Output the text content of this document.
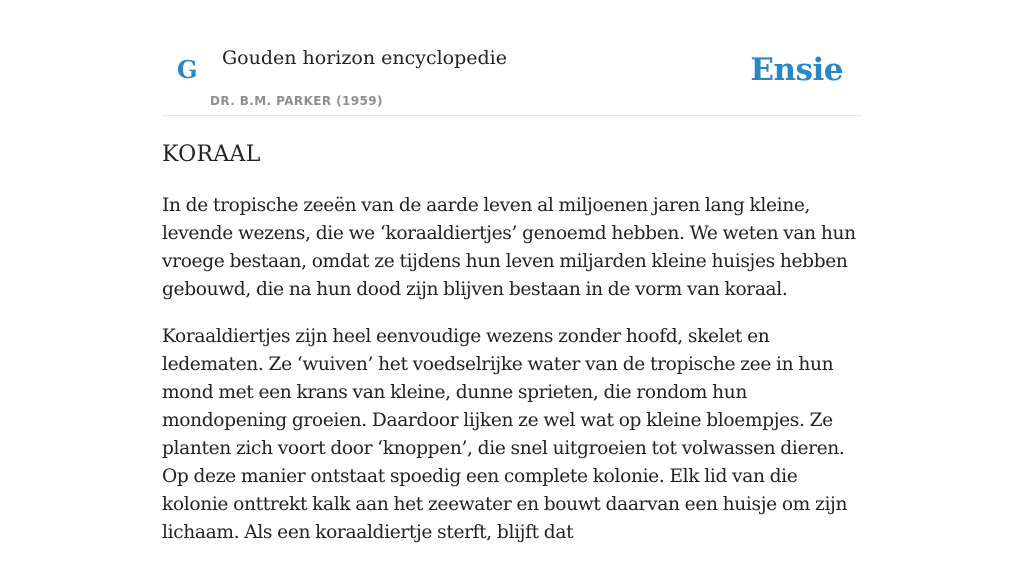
G Gouden horizon encyclopedie
DR. B.M. PARKER (1959)
Ensie
KORAAL

In de tropische zeeën van de aarde leven al miljoenen jaren lang kleine, levende wezens, die we ‘koraaldiertjes’ genoemd hebben. We weten van hun vroege bestaan, omdat ze tijdens hun leven miljarden kleine huisjes hebben gebouwd, die na hun dood zijn blijven bestaan in de vorm van koraal.

Koraaldiertjes zijn heel eenvoudige wezens zonder hoofd, skelet en ledematen. Ze ‘wuiven’ het voedselrijke water van de tropische zee in hun mond met een krans van kleine, dunne sprieten, die rondom hun mondopening groeien. Daardoor lijken ze wel wat op kleine bloempjes. Ze planten zich voort door ‘knoppen’, die snel uitgroeien tot volwassen dieren. Op deze manier ontstaat spoedig een complete kolonie. Elk lid van die kolonie onttrekt kalk aan het zeewater en bouwt daarvan een huisje om zijn lichaam. Als een koraaldiertje sterft, blijft dat
